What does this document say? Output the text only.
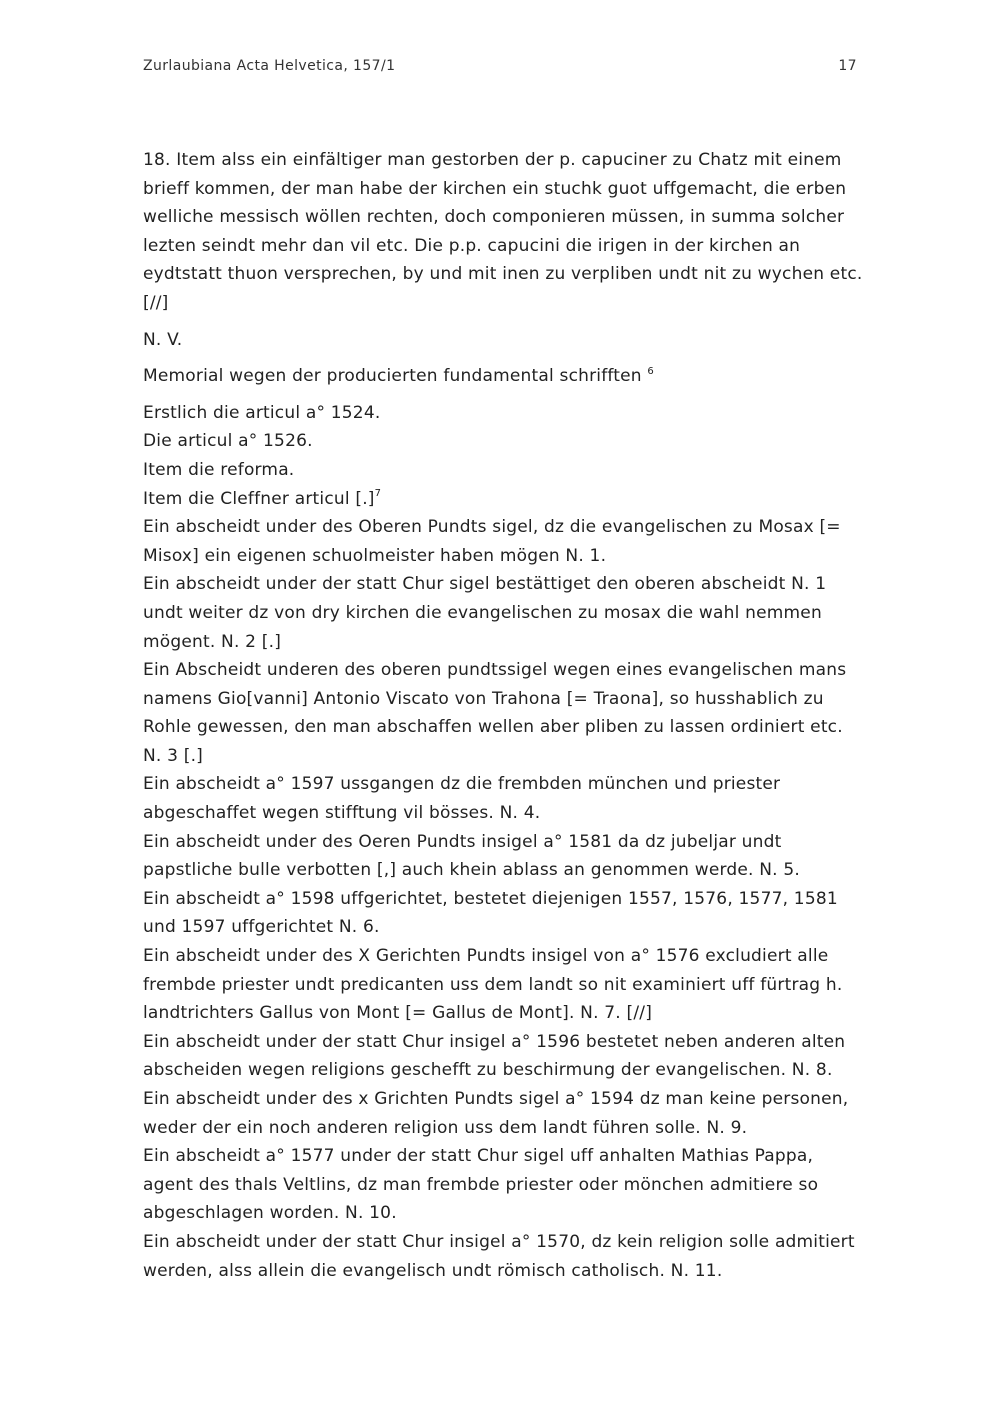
Zurlaubiana Acta Helvetica, 157/1	17

18. Item alss ein einfältiger man gestorben der p. capuciner zu Chatz mit einem brieff kommen, der man habe der kirchen ein stuchk guot uffgemacht, die erben welliche messisch wöllen rechten, doch componieren müssen, in summa solcher lezten seindt mehr dan vil etc. Die p.p. capucini die irigen in der kirchen an eydtstatt thuon versprechen, by und mit inen zu verpliben undt nit zu wychen etc. [//]

N. V.

Memorial wegen der producierten fundamental schrifften $^6$

Erstlich die articul a° 1524.
Die articul a° 1526.
Item die reforma.
Item die Cleffner articul [.]$^7$
Ein abscheidt under des Oberen Pundts sigel, dz die evangelischen zu Mosax [= Misox] ein eigenen schuolmeister haben mögen N. 1.
Ein abscheidt under der statt Chur sigel bestättiget den oberen abscheidt N. 1 undt weiter dz von dry kirchen die evangelischen zu mosax die wahl nemmen mögent. N. 2 [.]
Ein Abscheidt underen des oberen pundtssigel wegen eines evangelischen mans namens Gio[vanni] Antonio Viscato von Trahona [= Traona], so husshablich zu Rohle gewessen, den man abschaffen wellen aber pliben zu lassen ordiniert etc. N. 3 [.]
Ein abscheidt a° 1597 ussgangen dz die frembden münchen und priester abgeschaffet wegen stifftung vil bösses. N. 4.
Ein abscheidt under des Oeren Pundts insigel a° 1581 da dz jubeljar undt papstliche bulle verbotten [,] auch khein ablass an genommen werde. N. 5.
Ein abscheidt a° 1598 uffgerichtet, bestetet diejenigen 1557, 1576, 1577, 1581 und 1597 uffgerichtet N. 6.
Ein abscheidt under des X Gerichten Pundts insigel von a° 1576 excludiert alle frembde priester undt predicanten uss dem landt so nit examiniert uff fürtrag h. landtrichters Gallus von Mont [= Gallus de Mont]. N. 7. [//]
Ein abscheidt under der statt Chur insigel a° 1596 bestetet neben anderen alten abscheiden wegen religions geschefft zu beschirmung der evangelischen. N. 8.
Ein abscheidt under des x Grichten Pundts sigel a° 1594 dz man keine personen, weder der ein noch anderen religion uss dem landt führen solle. N. 9.
Ein abscheidt a° 1577 under der statt Chur sigel uff anhalten Mathias Pappa, agent des thals Veltlins, dz man frembde priester oder mönchen admitiere so abgeschlagen worden. N. 10.
Ein abscheidt under der statt Chur insigel a° 1570, dz kein religion solle admitiert werden, alss allein die evangelisch undt römisch catholisch. N. 11.
